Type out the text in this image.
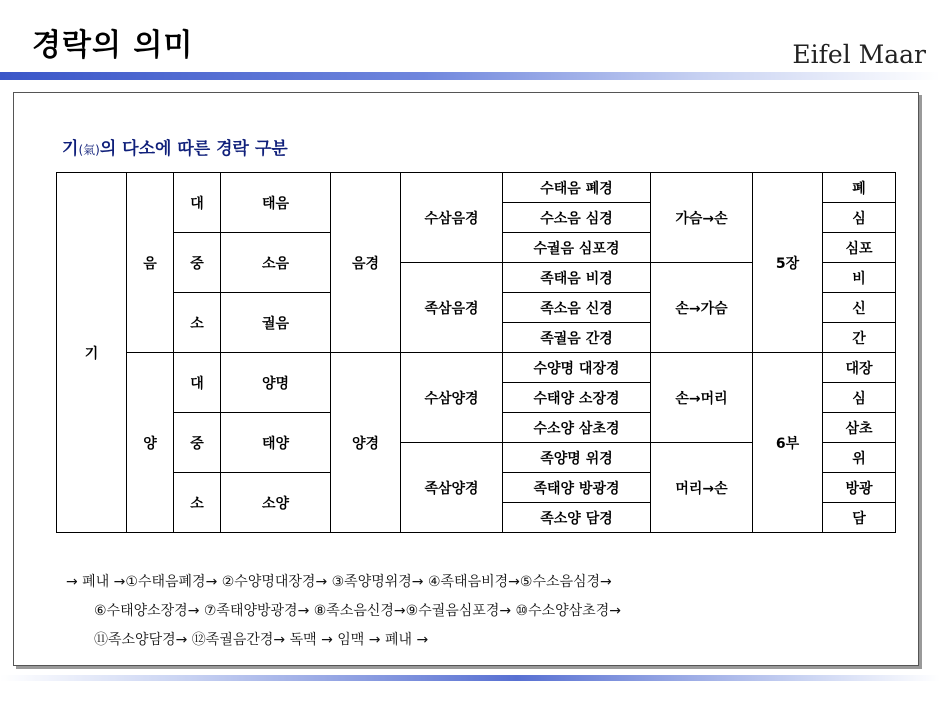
경락의 의미	Eifel Maar
기(氣)의 다소에 따른 경락 구분
기	음	대	태음	음경	수삼음경	수태음 폐경	가슴→손	5장	폐
						수소음 심경			심
		중	소음			수궐음 심포경			심포
					족삼음경	족태음 비경	손→가슴		비
		소	궐음			족소음 신경			신
						족궐음 간경			간
	양	대	양명	양경	수삼양경	수양명 대장경	손→머리	6부	대장
						수태양 소장경			심
		중	태양			수소양 삼초경			삼초
					족삼양경	족양명 위경	머리→손		위
		소	소양			족태양 방광경			방광
						족소양 담경			담
→ 폐내 →①수태음폐경→ ②수양명대장경→ ③족양명위경→ ④족태음비경→⑤수소음심경→
⑥수태양소장경→ ⑦족태양방광경→ ⑧족소음신경→⑨수궐음심포경→ ⑩수소양삼초경→
⑪족소양담경→ ⑫족궐음간경→ 독맥 → 임맥 → 폐내 →
